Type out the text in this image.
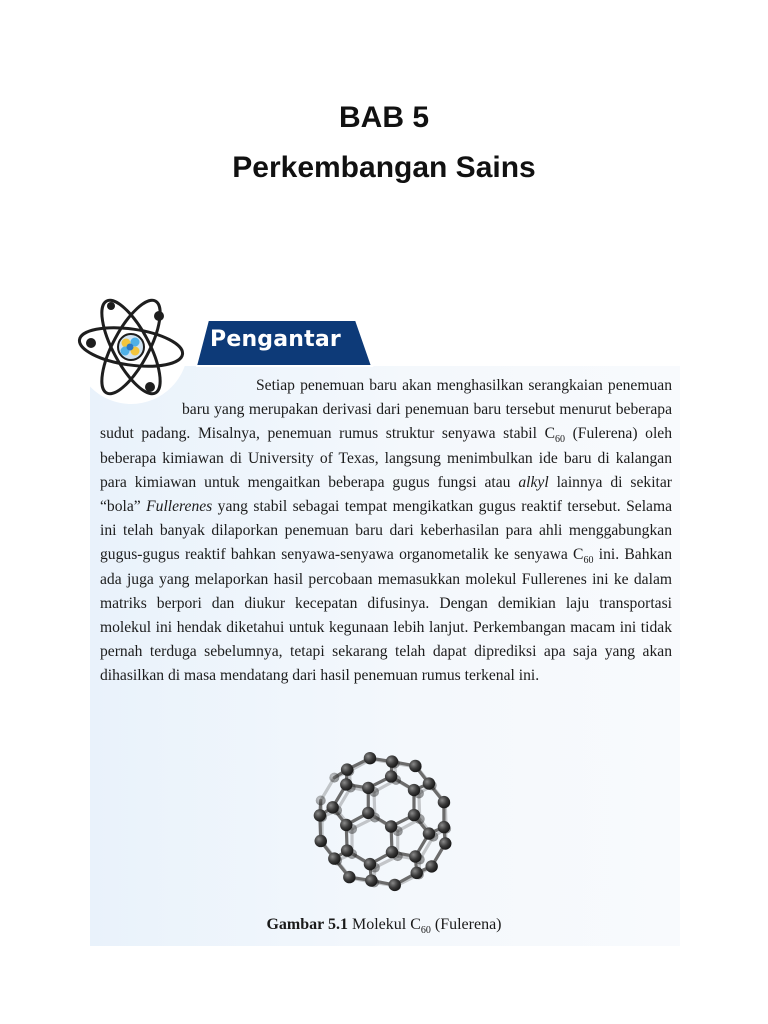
BAB 5
Perkembangan Sains
Pengantar

Setiap penemuan baru akan menghasilkan serangkaian penemuan baru yang merupakan derivasi dari penemuan baru tersebut menurut beberapa sudut padang. Misalnya, penemuan rumus struktur senyawa stabil $C_{60}$ (Fulerena) oleh beberapa kimiawan di University of Texas, langsung menimbulkan ide baru di kalangan para kimiawan untuk mengaitkan beberapa gugus fungsi atau alkyl lainnya di sekitar “bola” Fullerenes yang stabil sebagai tempat mengikatkan gugus reaktif tersebut. Selama ini telah banyak dilaporkan penemuan baru dari keberhasilan para ahli menggabungkan gugus-gugus reaktif bahkan senyawa-senyawa organometalik ke senyawa $C_{60}$ ini. Bahkan ada juga yang melaporkan hasil percobaan memasukkan molekul Fullerenes ini ke dalam matriks berpori dan diukur kecepatan difusinya. Dengan demikian laju transportasi molekul ini hendak diketahui untuk kegunaan lebih lanjut. Perkembangan macam ini tidak pernah terduga sebelumnya, tetapi sekarang telah dapat diprediksi apa saja yang akan dihasilkan di masa mendatang dari hasil penemuan rumus terkenal ini.

Gambar 5.1 Molekul $C_{60}$ (Fulerena)
